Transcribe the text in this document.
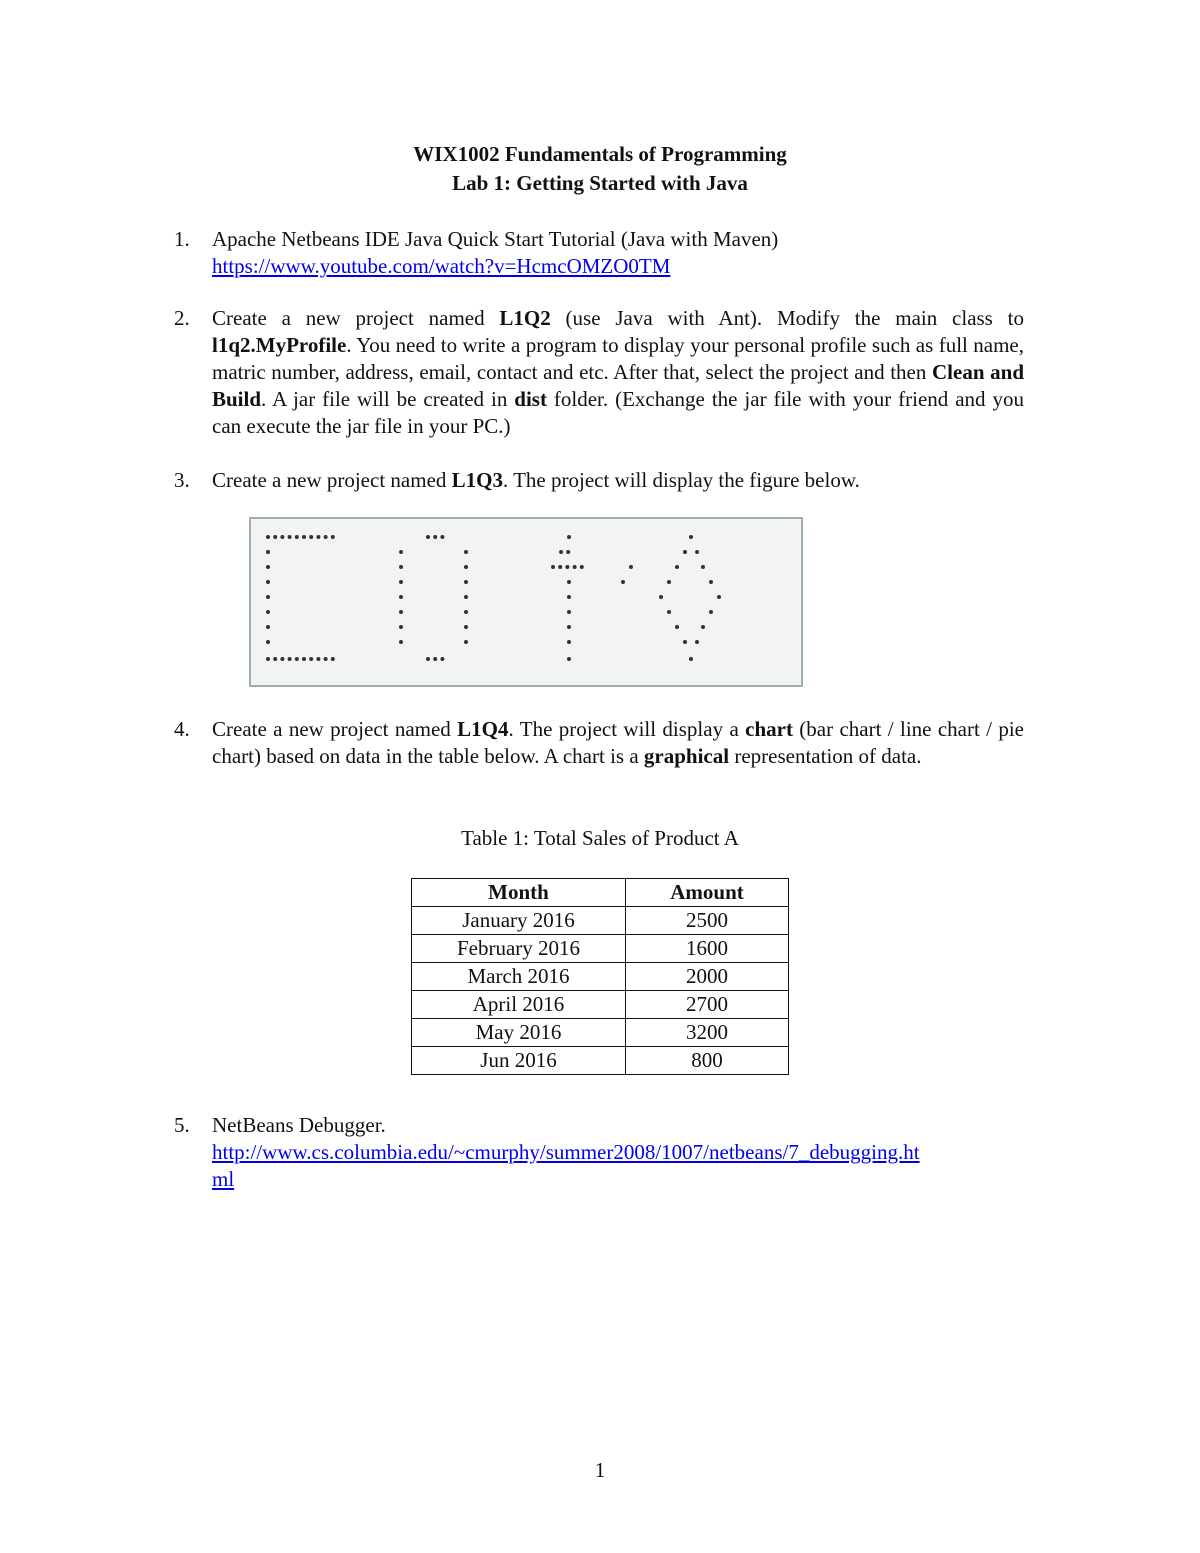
WIX1002 Fundamentals of Programming
Lab 1: Getting Started with Java
1. Apache Netbeans IDE Java Quick Start Tutorial (Java with Maven)
https://www.youtube.com/watch?v=HcmcOMZO0TM
2. Create a new project named L1Q2 (use Java with Ant). Modify the main class to l1q2.MyProfile. You need to write a program to display your personal profile such as full name, matric number, address, email, contact and etc. After that, select the project and then Clean and Build. A jar file will be created in dist folder. (Exchange the jar file with your friend and you can execute the jar file in your PC.)
3. Create a new project named L1Q3. The project will display the figure below.
4. Create a new project named L1Q4. The project will display a chart (bar chart / line chart / pie chart) based on data in the table below. A chart is a graphical representation of data.
Table 1: Total Sales of Product A
Month	Amount
January 2016	2500
February 2016	1600
March 2016	2000
April 2016	2700
May 2016	3200
Jun 2016	800
5. NetBeans Debugger.
http://www.cs.columbia.edu/~cmurphy/summer2008/1007/netbeans/7_debugging.ht
ml
1
